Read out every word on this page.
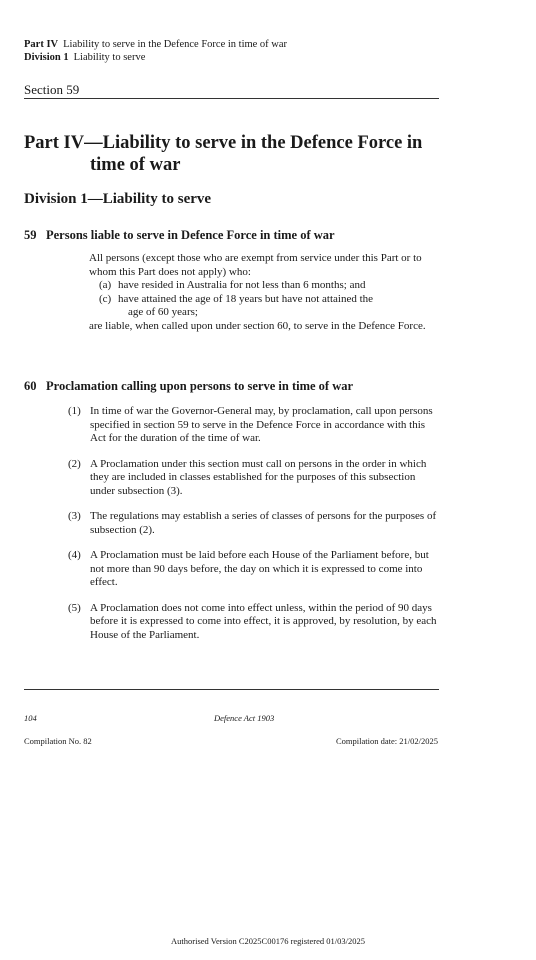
Part IV Liability to serve in the Defence Force in time of war
Division 1 Liability to serve
Section 59
Part IV—Liability to serve in the Defence Force in
time of war
Division 1—Liability to serve
59 Persons liable to serve in Defence Force in time of war

All persons (except those who are exempt from service under this Part or to whom this Part does not apply) who:

(a) have resided in Australia for not less than 6 months; and
(c) have attained the age of 18 years but have not attained the
age of 60 years;

are liable, when called upon under section 60, to serve in the Defence Force.

60 Proclamation calling upon persons to serve in time of war
(1) In time of war the Governor-General may, by proclamation, call upon persons specified in section 59 to serve in the Defence Force in accordance with this Act for the duration of the time of war.
(2) A Proclamation under this section must call on persons in the order in which they are included in classes established for the purposes of this subsection under subsection (3).
(3) The regulations may establish a series of classes of persons for the purposes of subsection (2).
(4) A Proclamation must be laid before each House of the Parliament before, but not more than 90 days before, the day on which it is expressed to come into effect.
(5) A Proclamation does not come into effect unless, within the period of 90 days before it is expressed to come into effect, it is approved, by resolution, by each House of the Parliament.
104	Defence Act 1903
Compilation No. 82	Compilation date: 21/02/2025
Authorised Version C2025C00176 registered 01/03/2025
